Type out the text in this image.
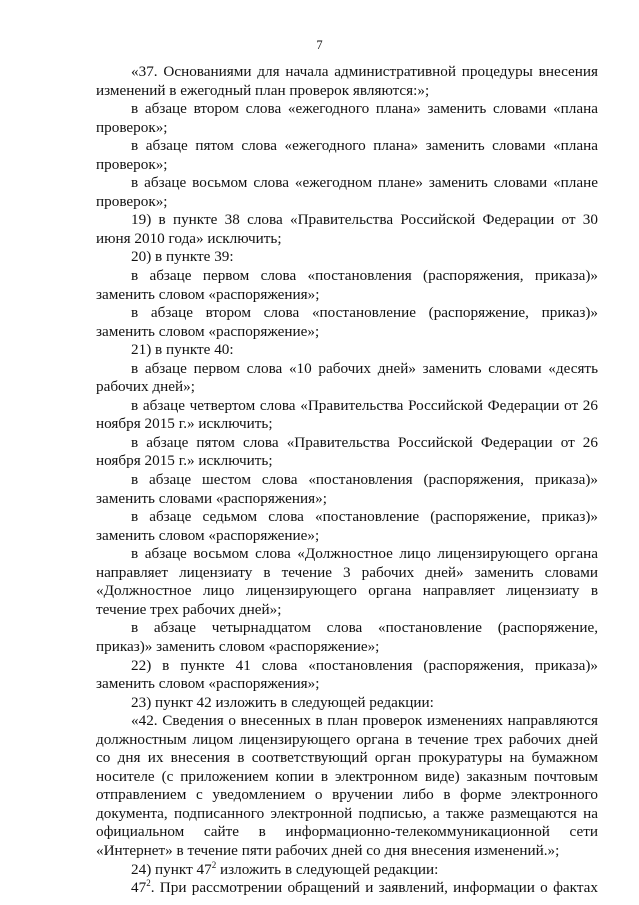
7

«37. Основаниями для начала административной процедуры внесения изменений в ежегодный план проверок являются:»;

в абзаце втором слова «ежегодного плана» заменить словами «плана проверок»;

в абзаце пятом слова «ежегодного плана» заменить словами «плана проверок»;

в абзаце восьмом слова «ежегодном плане» заменить словами «плане проверок»;

19) в пункте 38 слова «Правительства Российской Федерации от 30 июня 2010 года» исключить;

20) в пункте 39:

в абзаце первом слова «постановления (распоряжения, приказа)» заменить словом «распоряжения»;

в абзаце втором слова «постановление (распоряжение, приказ)» заменить словом «распоряжение»;

21) в пункте 40:

в абзаце первом слова «10 рабочих дней» заменить словами «десять рабочих дней»;

в абзаце четвертом слова «Правительства Российской Федерации от 26 ноября 2015 г.» исключить;

в абзаце пятом слова «Правительства Российской Федерации от 26 ноября 2015 г.» исключить;

в абзаце шестом слова «постановления (распоряжения, приказа)» заменить словами «распоряжения»;

в абзаце седьмом слова «постановление (распоряжение, приказ)» заменить словом «распоряжение»;

в абзаце восьмом слова «Должностное лицо лицензирующего органа направляет лицензиату в течение 3 рабочих дней» заменить словами «Должностное лицо лицензирующего органа направляет лицензиату в течение трех рабочих дней»;

в абзаце четырнадцатом слова «постановление (распоряжение, приказ)» заменить словом «распоряжение»;

22) в пункте 41 слова «постановления (распоряжения, приказа)» заменить словом «распоряжения»;

23) пункт 42 изложить в следующей редакции:

«42. Сведения о внесенных в план проверок изменениях направляются должностным лицом лицензирующего органа в течение трех рабочих дней со дня их внесения в соответствующий орган прокуратуры на бумажном носителе (с приложением копии в электронном виде) заказным почтовым отправлением с уведомлением о вручении либо в форме электронного документа, подписанного электронной подписью, а также размещаются на официальном сайте в информационно-телекоммуникационной сети «Интернет» в течение пяти рабочих дней со дня внесения изменений.»;

24) пункт $47^2$ изложить в следующей редакции:

$47^2$. При рассмотрении обращений и заявлений, информации о фактах
